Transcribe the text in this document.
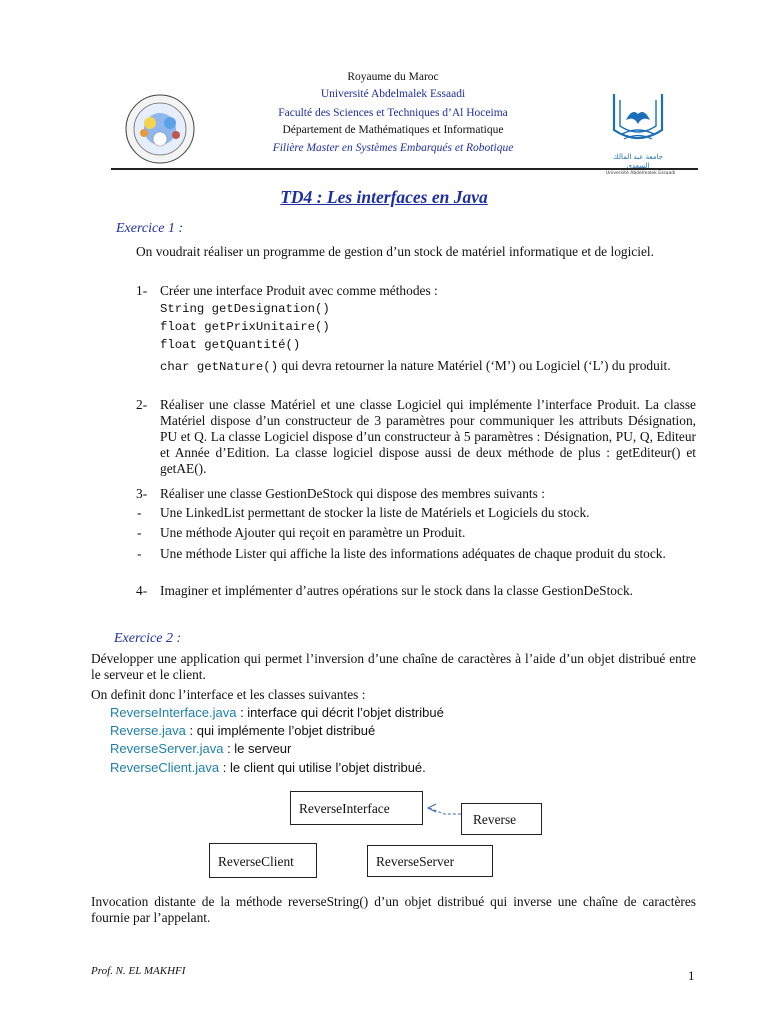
جامعة عبد المالك السعدي
Université Abdelmalek Essaadi
Royaume du Maroc
Université Abdelmalek Essaadi
Faculté des Sciences et Techniques d’Al Hoceima
Département de Mathématiques et Informatique
Filière Master en Systèmes Embarqués et Robotique
TD4 : Les interfaces en Java
Exercice 1 :
On voudrait réaliser un programme de gestion d’un stock de matériel informatique et de logiciel.
1- Créer une interface Produit avec comme méthodes :
String getDesignation()
float getPrixUnitaire()
float getQuantité()
char getNature() qui devra retourner la nature Matériel (‘M’) ou Logiciel (‘L’) du produit.
2- Réaliser une classe Matériel et une classe Logiciel qui implémente l’interface Produit. La classe Matériel dispose d’un constructeur de 3 paramètres pour communiquer les attributs Désignation, PU et Q. La classe Logiciel dispose d’un constructeur à 5 paramètres : Désignation, PU, Q, Editeur et Année d’Edition. La classe logiciel dispose aussi de deux méthode de plus : getEditeur() et getAE().
3- Réaliser une classe GestionDeStock qui dispose des membres suivants :
- Une LinkedList permettant de stocker la liste de Matériels et Logiciels du stock.
- Une méthode Ajouter qui reçoit en paramètre un Produit.
- Une méthode Lister qui affiche la liste des informations adéquates de chaque produit du stock.
4- Imaginer et implémenter d’autres opérations sur le stock dans la classe GestionDeStock.
Exercice 2 :
Développer une application qui permet l’inversion d’une chaîne de caractères à l’aide d’un objet distribué entre le serveur et le client.
On definit donc l’interface et les classes suivantes :
ReverseInterface.java : interface qui décrit l’objet distribué
Reverse.java : qui implémente l’objet distribué
ReverseServer.java : le serveur
ReverseClient.java : le client qui utilise l’objet distribué.
ReverseInterface
Reverse
ReverseClient	ReverseServer
Invocation distante de la méthode reverseString() d’un objet distribué qui inverse une chaîne de caractères fournie par l’appelant.
Prof. N. EL MAKHFI	1
